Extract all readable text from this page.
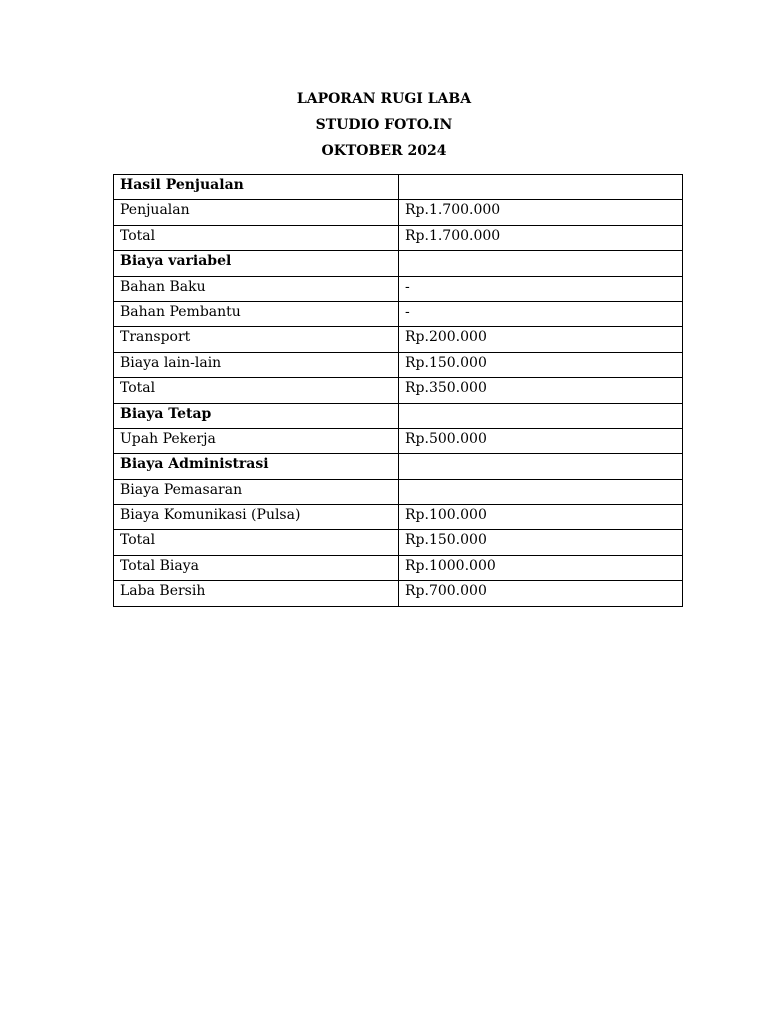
LAPORAN RUGI LABA
STUDIO FOTO.IN
OKTOBER 2024
Hasil Penjualan	
Penjualan	Rp.1.700.000
Total	Rp.1.700.000
Biaya variabel	
Bahan Baku	-
Bahan Pembantu	-
Transport	Rp.200.000
Biaya lain-lain	Rp.150.000
Total	Rp.350.000
Biaya Tetap	
Upah Pekerja	Rp.500.000
Biaya Administrasi	
Biaya Pemasaran	
Biaya Komunikasi (Pulsa)	Rp.100.000
Total	Rp.150.000
Total Biaya	Rp.1000.000
Laba Bersih	Rp.700.000
